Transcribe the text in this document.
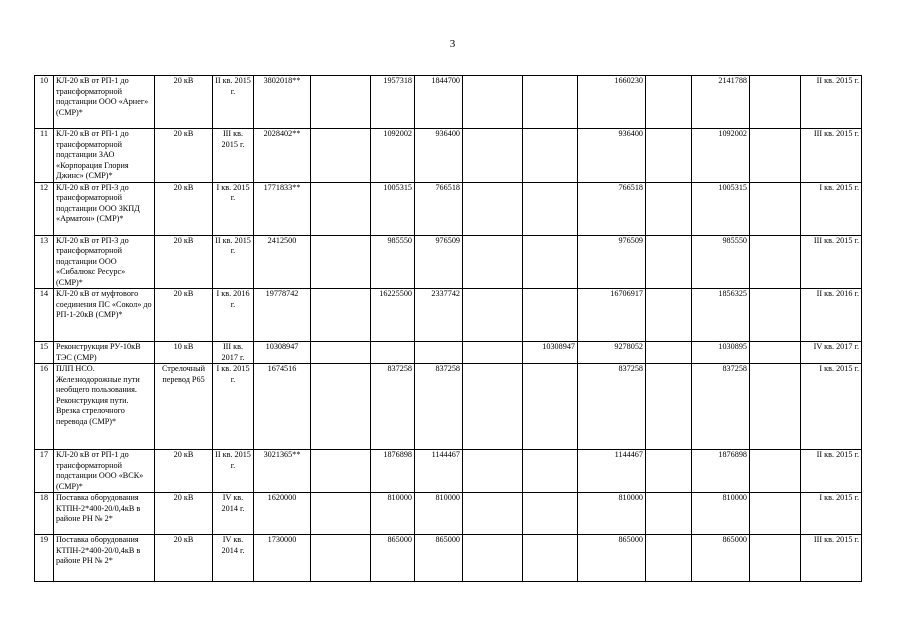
3
10	КЛ-20 кВ от РП-1 до трансформаторной подстанции ООО «Арнег» (СМР)*	20 кВ	II кв. 2015 г.	3802018**		1957318	1844700			1660230		2141788		II кв. 2015 г.
11	КЛ-20 кВ от РП-1 до трансформаторной подстанции ЗАО «Корпорация Глория Джинс» (СМР)*	20 кВ	III кв. 2015 г.	2028402**		1092002	936400			936400		1092002		III кв. 2015 г.
12	КЛ-20 кВ от РП-3 до трансформаторной подстанции ООО ЗКПД «Арматон» (СМР)*	20 кВ	I кв. 2015 г.	1771833**		1005315	766518			766518		1005315		I кв. 2015 г.
13	КЛ-20 кВ от РП-3 до трансформаторной подстанции ООО «Сибалюкс Ресурс» (СМР)*	20 кВ	II кв. 2015 г.	2412500		985550	976509			976509		985550		III кв. 2015 г.
14	КЛ-20 кВ от муфтового соединения ПС «Сокол» до РП-1-20кВ (СМР)*	20 кВ	I кв. 2016 г.	19778742		16225500	2337742			16706917		1856325		II кв. 2016 г.
15	Реконструкция РУ-10кВ ТЭС (СМР)	10 кВ	III кв. 2017 г.	10308947					10308947	9278052		1030895		IV кв. 2017 г.
16	ПЛП НСО. Железнодорожные пути необщего пользования. Реконструкция пути. Врезка стрелочного перевода (СМР)*	Стрелочный перевод Р65	I кв. 2015 г.	1674516		837258	837258			837258		837258		I кв. 2015 г.
17	КЛ-20 кВ от РП-1 до трансформаторной подстанции ООО «ВСК» (СМР)*	20 кВ	II кв. 2015 г.	3021365**		1876898	1144467			1144467		1876898		II кв. 2015 г.
18	Поставка оборудования КТПН-2*400-20/0,4кВ в районе РН № 2*	20 кВ	IV кв. 2014 г.	1620000		810000	810000			810000		810000		I кв. 2015 г.
19	Поставка оборудования КТПН-2*400-20/0,4кВ в районе РН № 2*	20 кВ	IV кв. 2014 г.	1730000		865000	865000			865000		865000		III кв. 2015 г.
